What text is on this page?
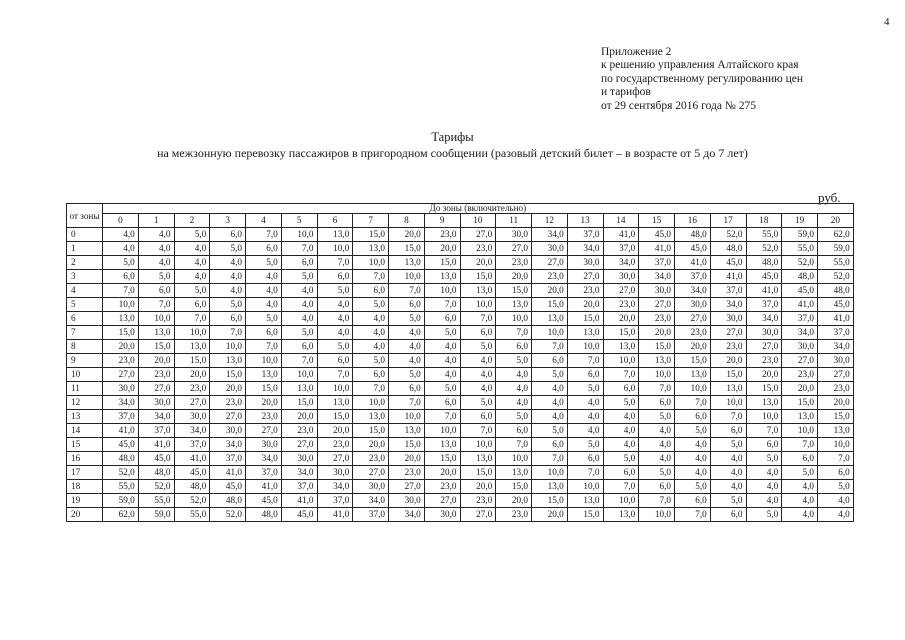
4
Приложение 2
к решению управления Алтайского края
по государственному регулированию цен
и тарифов
от 29 сентября 2016 года № 275
Тарифы
на межзонную перевозку пассажиров в пригородном сообщении (разовый детский билет – в возрасте от 5 до 7 лет)
руб.
от зоны	До зоны (включительно)																				
	0	1	2	3	4	5	6	7	8	9	10	11	12	13	14	15	16	17	18	19	20
0	4,0	4,0	5,0	6,0	7,0	10,0	13,0	15,0	20,0	23,0	27,0	30,0	34,0	37,0	41,0	45,0	48,0	52,0	55,0	59,0	62,0
1	4,0	4,0	4,0	5,0	6,0	7,0	10,0	13,0	15,0	20,0	23,0	27,0	30,0	34,0	37,0	41,0	45,0	48,0	52,0	55,0	59,0
2	5,0	4,0	4,0	4,0	5,0	6,0	7,0	10,0	13,0	15,0	20,0	23,0	27,0	30,0	34,0	37,0	41,0	45,0	48,0	52,0	55,0
3	6,0	5,0	4,0	4,0	4,0	5,0	6,0	7,0	10,0	13,0	15,0	20,0	23,0	27,0	30,0	34,0	37,0	41,0	45,0	48,0	52,0
4	7,0	6,0	5,0	4,0	4,0	4,0	5,0	6,0	7,0	10,0	13,0	15,0	20,0	23,0	27,0	30,0	34,0	37,0	41,0	45,0	48,0
5	10,0	7,0	6,0	5,0	4,0	4,0	4,0	5,0	6,0	7,0	10,0	13,0	15,0	20,0	23,0	27,0	30,0	34,0	37,0	41,0	45,0
6	13,0	10,0	7,0	6,0	5,0	4,0	4,0	4,0	5,0	6,0	7,0	10,0	13,0	15,0	20,0	23,0	27,0	30,0	34,0	37,0	41,0
7	15,0	13,0	10,0	7,0	6,0	5,0	4,0	4,0	4,0	5,0	6,0	7,0	10,0	13,0	15,0	20,0	23,0	27,0	30,0	34,0	37,0
8	20,0	15,0	13,0	10,0	7,0	6,0	5,0	4,0	4,0	4,0	5,0	6,0	7,0	10,0	13,0	15,0	20,0	23,0	27,0	30,0	34,0
9	23,0	20,0	15,0	13,0	10,0	7,0	6,0	5,0	4,0	4,0	4,0	5,0	6,0	7,0	10,0	13,0	15,0	20,0	23,0	27,0	30,0
10	27,0	23,0	20,0	15,0	13,0	10,0	7,0	6,0	5,0	4,0	4,0	4,0	5,0	6,0	7,0	10,0	13,0	15,0	20,0	23,0	27,0
11	30,0	27,0	23,0	20,0	15,0	13,0	10,0	7,0	6,0	5,0	4,0	4,0	4,0	5,0	6,0	7,0	10,0	13,0	15,0	20,0	23,0
12	34,0	30,0	27,0	23,0	20,0	15,0	13,0	10,0	7,0	6,0	5,0	4,0	4,0	4,0	5,0	6,0	7,0	10,0	13,0	15,0	20,0
13	37,0	34,0	30,0	27,0	23,0	20,0	15,0	13,0	10,0	7,0	6,0	5,0	4,0	4,0	4,0	5,0	6,0	7,0	10,0	13,0	15,0
14	41,0	37,0	34,0	30,0	27,0	23,0	20,0	15,0	13,0	10,0	7,0	6,0	5,0	4,0	4,0	4,0	5,0	6,0	7,0	10,0	13,0
15	45,0	41,0	37,0	34,0	30,0	27,0	23,0	20,0	15,0	13,0	10,0	7,0	6,0	5,0	4,0	4,0	4,0	5,0	6,0	7,0	10,0
16	48,0	45,0	41,0	37,0	34,0	30,0	27,0	23,0	20,0	15,0	13,0	10,0	7,0	6,0	5,0	4,0	4,0	4,0	5,0	6,0	7,0
17	52,0	48,0	45,0	41,0	37,0	34,0	30,0	27,0	23,0	20,0	15,0	13,0	10,0	7,0	6,0	5,0	4,0	4,0	4,0	5,0	6,0
18	55,0	52,0	48,0	45,0	41,0	37,0	34,0	30,0	27,0	23,0	20,0	15,0	13,0	10,0	7,0	6,0	5,0	4,0	4,0	4,0	5,0
19	59,0	55,0	52,0	48,0	45,0	41,0	37,0	34,0	30,0	27,0	23,0	20,0	15,0	13,0	10,0	7,0	6,0	5,0	4,0	4,0	4,0
20	62,0	59,0	55,0	52,0	48,0	45,0	41,0	37,0	34,0	30,0	27,0	23,0	20,0	15,0	13,0	10,0	7,0	6,0	5,0	4,0	4,0
